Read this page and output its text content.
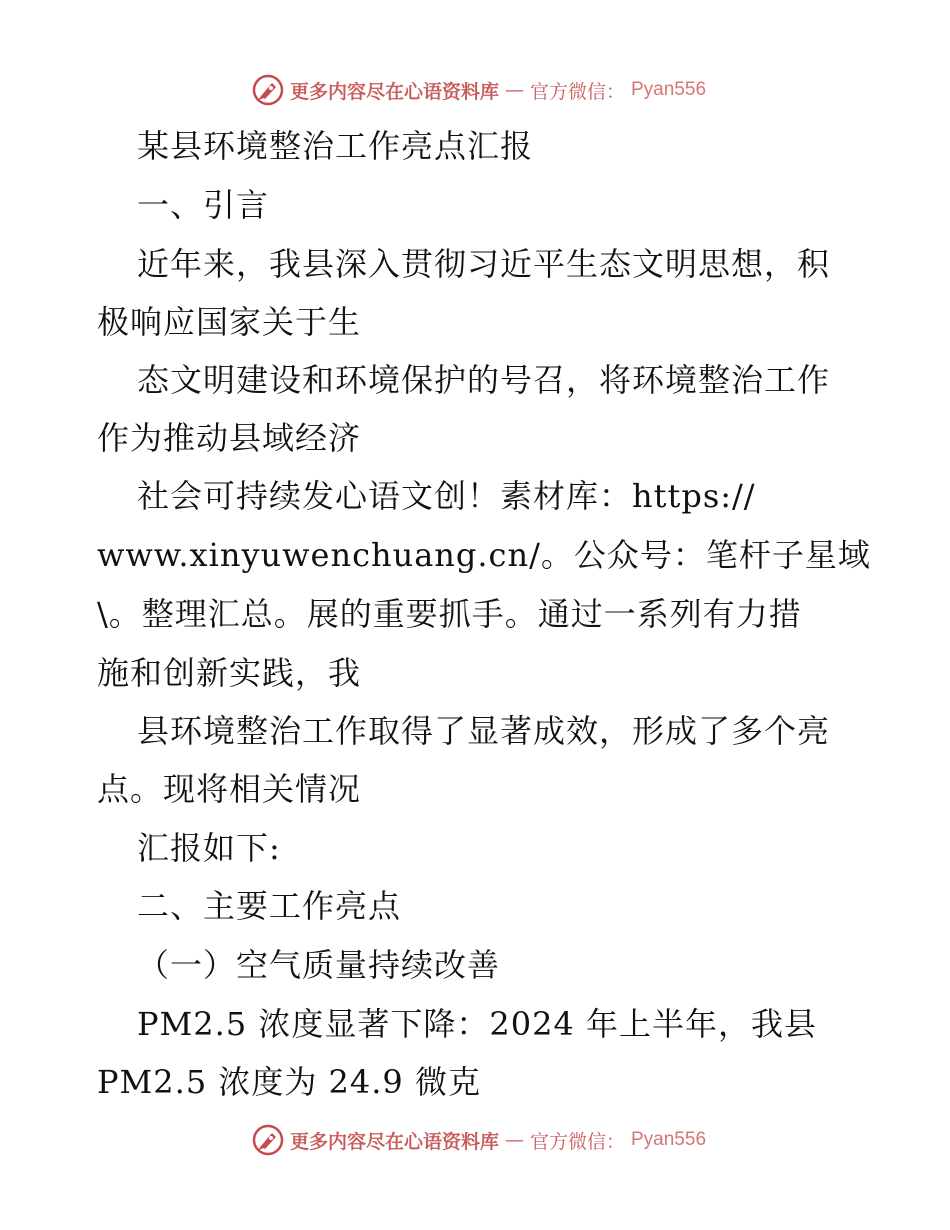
更多内容尽在心语资料库 — 官方微信： Pyan556
某县环境整治工作亮点汇报
一、引言
近年来，我县深入贯彻习近平生态文明思想，积
极响应国家关于生
态文明建设和环境保护的号召，将环境整治工作
作为推动县域经济
社会可持续发心语文创！素材库：https://
www.xinyuwenchuang.cn/。公众号：笔杆子星域
\。整理汇总。展的重要抓手。通过一系列有力措
施和创新实践，我
县环境整治工作取得了显著成效，形成了多个亮
点。现将相关情况
汇报如下:
二、主要工作亮点
（一）空气质量持续改善
PM2.5 浓度显著下降：2024 年上半年，我县
PM2.5 浓度为 24.9 微克
更多内容尽在心语资料库 — 官方微信： Pyan556
